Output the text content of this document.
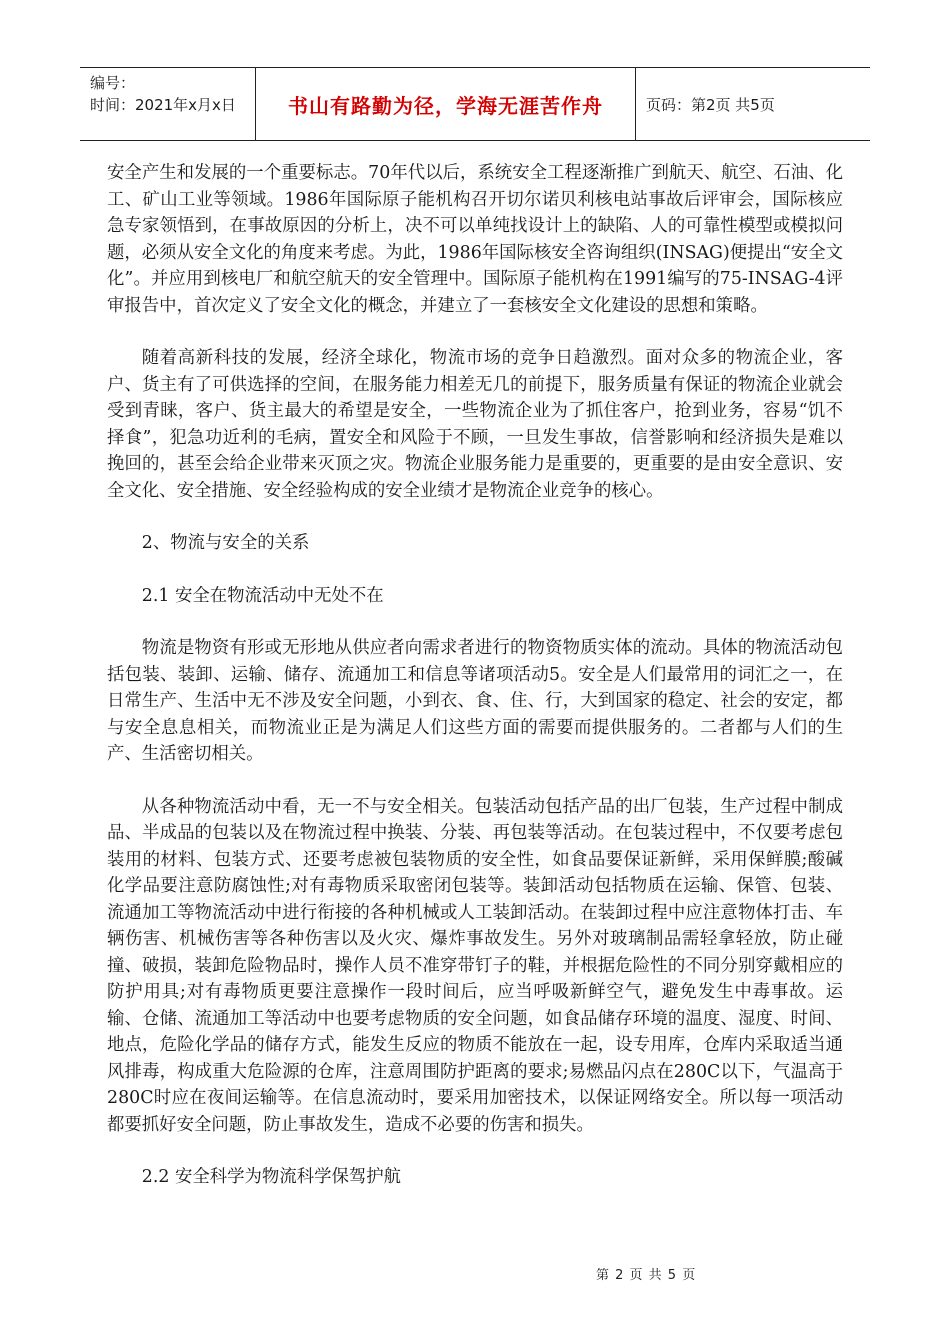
编号：
时间：2021年x月x日	书山有路勤为径，学海无涯苦作舟	页码：第2页 共5页

安全产生和发展的一个重要标志。70年代以后，系统安全工程逐渐推广到航天、航空、石油、化工、矿山工业等领域。1986年国际原子能机构召开切尔诺贝利核电站事故后评审会，国际核应急专家领悟到，在事故原因的分析上，决不可以单纯找设计上的缺陷、人的可靠性模型或模拟问题，必须从安全文化的角度来考虑。为此，1986年国际核安全咨询组织(INSAG)便提出“安全文化”。并应用到核电厂和航空航天的安全管理中。国际原子能机构在1991编写的75-INSAG-4评审报告中，首次定义了安全文化的概念，并建立了一套核安全文化建设的思想和策略。

随着高新科技的发展，经济全球化，物流市场的竞争日趋激烈。面对众多的物流企业，客户、货主有了可供选择的空间，在服务能力相差无几的前提下，服务质量有保证的物流企业就会受到青睐，客户、货主最大的希望是安全，一些物流企业为了抓住客户，抢到业务，容易“饥不择食”，犯急功近利的毛病，置安全和风险于不顾，一旦发生事故，信誉影响和经济损失是难以挽回的，甚至会给企业带来灭顶之灾。物流企业服务能力是重要的，更重要的是由安全意识、安全文化、安全措施、安全经验构成的安全业绩才是物流企业竞争的核心。

2、物流与安全的关系

2.1 安全在物流活动中无处不在

物流是物资有形或无形地从供应者向需求者进行的物资物质实体的流动。具体的物流活动包括包装、装卸、运输、储存、流通加工和信息等诸项活动5。安全是人们最常用的词汇之一，在日常生产、生活中无不涉及安全问题，小到衣、食、住、行，大到国家的稳定、社会的安定，都与安全息息相关，而物流业正是为满足人们这些方面的需要而提供服务的。二者都与人们的生产、生活密切相关。

从各种物流活动中看，无一不与安全相关。包装活动包括产品的出厂包装，生产过程中制成品、半成品的包装以及在物流过程中换装、分装、再包装等活动。在包装过程中，不仅要考虑包装用的材料、包装方式、还要考虑被包装物质的安全性，如食品要保证新鲜，采用保鲜膜;酸碱化学品要注意防腐蚀性;对有毒物质采取密闭包装等。装卸活动包括物质在运输、保管、包装、流通加工等物流活动中进行衔接的各种机械或人工装卸活动。在装卸过程中应注意物体打击、车辆伤害、机械伤害等各种伤害以及火灾、爆炸事故发生。另外对玻璃制品需轻拿轻放，防止碰撞、破损，装卸危险物品时，操作人员不准穿带钉子的鞋，并根据危险性的不同分别穿戴相应的防护用具;对有毒物质更要注意操作一段时间后，应当呼吸新鲜空气，避免发生中毒事故。运输、仓储、流通加工等活动中也要考虑物质的安全问题，如食品储存环境的温度、湿度、时间、地点，危险化学品的储存方式，能发生反应的物质不能放在一起，设专用库，仓库内采取适当通风排毒，构成重大危险源的仓库，注意周围防护距离的要求;易燃品闪点在280C以下，气温高于280C时应在夜间运输等。在信息流动时，要采用加密技术，以保证网络安全。所以每一项活动都要抓好安全问题，防止事故发生，造成不必要的伤害和损失。

2.2 安全科学为物流科学保驾护航

第 2 页 共 5 页
